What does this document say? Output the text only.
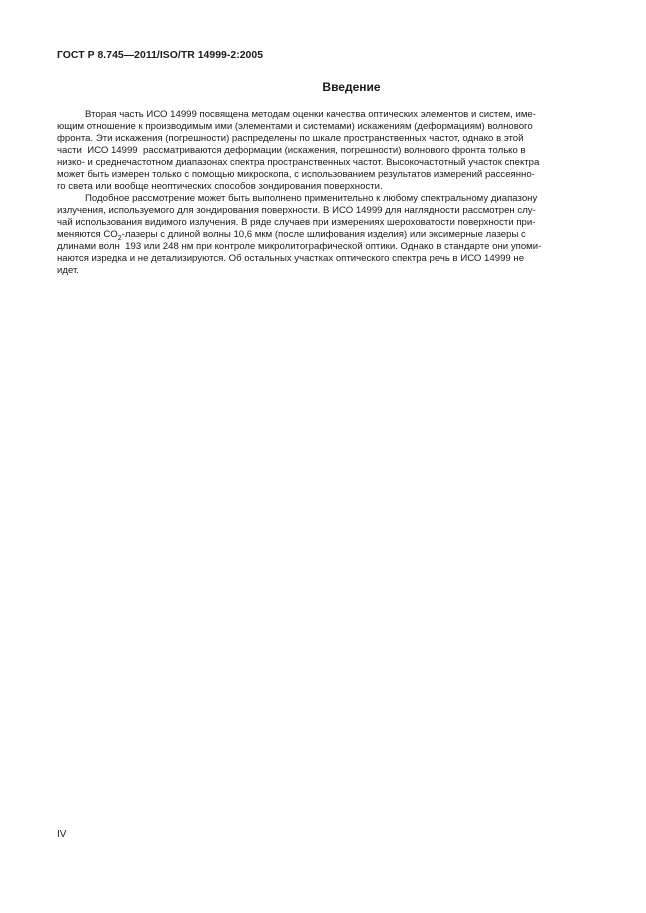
ГОСТ Р 8.745—2011/ISO/TR 14999-2:2005
Введение
Вторая часть ИСО 14999 посвящена методам оценки качества оптических элементов и систем, име-
ющим отношение к производимым ими (элементами и системами) искажениям (деформациям) волнового
фронта. Эти искажения (погрешности) распределены по шкале пространственных частот, однако в этой
части  ИСО 14999  рассматриваются деформации (искажения, погрешности) волнового фронта только в
низко- и среднечастотном диапазонах спектра пространственных частот. Высокочастотный участок спектра
может быть измерен только с помощью микроскопа, с использованием результатов измерений рассеянно-
го света или вообще неоптических способов зондирования поверхности.
Подобное рассмотрение может быть выполнено применительно к любому спектральному диапазону
излучения, используемого для зондирования поверхности. В ИСО 14999 для наглядности рассмотрен слу-
чай использования видимого излучения. В ряде случаев при измерениях шероховатости поверхности при-
меняются $CO_2$-лазеры с длиной волны 10,6 мкм (после шлифования изделия) или эксимерные лазеры с
длинами волн  193 или 248 нм при контроле микролитографической оптики. Однако в стандарте они упоми-
наются изредка и не детализируются. Об остальных участках оптического спектра речь в ИСО 14999 не
идет.
IV
